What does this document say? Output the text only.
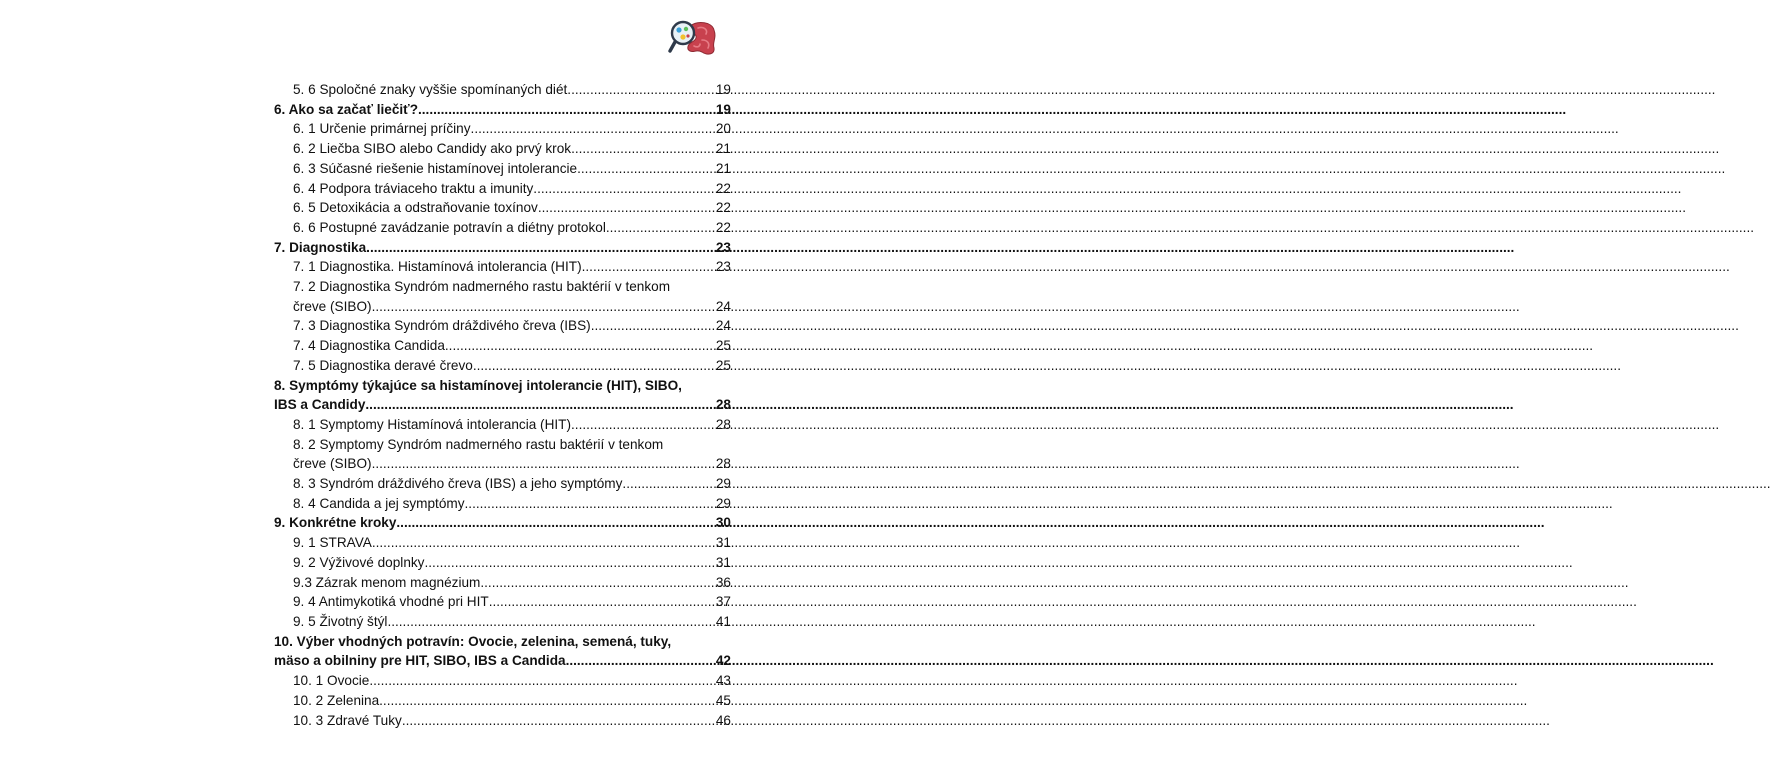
5. 6 Spoločné znaky vyššie spomínaných diét .....	19
6. Ako sa začať liečiť? .....	19
6. 1 Určenie primárnej príčiny .....	20
6. 2 Liečba SIBO alebo Candidy ako prvý krok .....	21
6. 3 Súčasné riešenie histamínovej intolerancie .....	21
6. 4 Podpora tráviaceho traktu a imunity .....	22
6. 5 Detoxikácia a odstraňovanie toxínov .....	22
6. 6 Postupné zavádzanie potravín a diétny protokol .....	22
7. Diagnostika .....	23
7. 1 Diagnostika. Histamínová intolerancia (HIT) .....	23
7. 2 Diagnostika Syndróm nadmerného rastu baktérií v tenkom
čreve (SIBO) .....	24
7. 3 Diagnostika Syndróm dráždivého čreva (IBS) .....	24
7. 4 Diagnostika Candida .....	25
7. 5 Diagnostika deravé črevo .....	25
8. Symptómy týkajúce sa histamínovej intolerancie (HIT), SIBO,
IBS a Candidy .....	28
8. 1 Symptomy Histamínová intolerancia (HIT) .....	28
8. 2 Symptomy Syndróm nadmerného rastu baktérií v tenkom
čreve (SIBO) .....	28
8. 3 Syndróm dráždivého čreva (IBS) a jeho symptómy .....	29
8. 4 Candida a jej symptómy .....	29
9. Konkrétne kroky .....	30
9. 1 STRAVA .....	31
9. 2 Výživové doplnky .....	31
9.3 Zázrak menom magnézium .....	36
9. 4 Antimykotiká vhodné pri HIT .....	37
9. 5 Životný štýl .....	41
10. Výber vhodných potravín: Ovocie, zelenina, semená, tuky,
mäso a obilniny pre HIT, SIBO, IBS a Candida .....	42
10. 1 Ovocie .....	43
10. 2 Zelenina .....	45
10. 3 Zdravé Tuky .....	46
